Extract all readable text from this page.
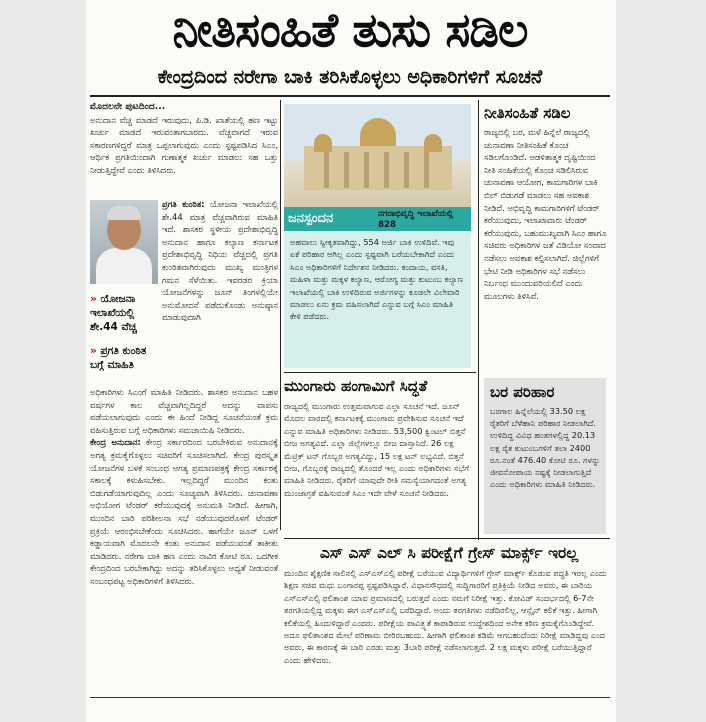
ನೀತಿಸಂಹಿತೆ ತುಸು ಸಡಿಲ
ಕೇಂದ್ರದಿಂದ ನರೇಗಾ ಬಾಕಿ ತರಿಸಿಕೊಳ್ಳಲು ಅಧಿಕಾರಿಗಳಿಗೆ ಸೂಚನೆ

ಮೊದಲನೇ ಪುಟದಿಂದ...

ಅನುದಾನ ವೆಚ್ಚ ಮಾಡದೆ ಇರುವುದು, ಪಿ.ಡಿ. ಖಾತೆಯಲ್ಲಿ ಹಣ ಇಟ್ಟು ಖರ್ಚು ಮಾಡದೆ ಇರುವಂತಾಗಬಾರದು. ವೆಚ್ಚವಾಗದೆ ಇರುವ ಸಕಾರಣಗಳಿದ್ದರೆ ಮಾತ್ರ ಒಪ್ಪಲಾಗುವುದು ಎಂದು ಸ್ಪಷ್ಟಪಡಿಸಿದ ಸಿಎಂ, ಆರ್ಥಿಕ ಪ್ರಗತಿಯಿಂದಾಗಿ ಗುಣಾತ್ಮಕ ಖರ್ಚು ಮಾಡಲು ಸಹ ಒತ್ತು ನೀಡುತ್ತಿದ್ದೇವೆ ಎಂದು ತಿಳಿಸಿದರು.

ಪ್ರಗತಿ ಕುಂಠಿತ: ಯೋಜನಾ ಇಲಾಖೆಯಲ್ಲಿ ಶೇ.44 ಮಾತ್ರ ವೆಚ್ಚವಾಗಿರುವ ಮಾಹಿತಿ ಇದೆ. ಶಾಸಕರ ಸ್ಥಳೀಯ ಪ್ರದೇಶಾಭಿವೃದ್ಧಿ ಅನುದಾನ ಹಾಗೂ ಕಲ್ಯಾಣ ಕರ್ನಾಟಕ ಪ್ರದೇಶಾಭಿವೃದ್ಧಿ ನಿಧಿಯ ವೆಚ್ಚದಲ್ಲಿ ಪ್ರಗತಿ ಕುಂಠಿತವಾಗಿರುವುದು ಮುಖ್ಯ ಮಂತ್ರಿಗಳ ಗಮನ ಸೆಳೆಯಿತು. ಇವರಡರ ಕ್ರಿಯಾ ಯೋಜನೆಗಳನ್ನು ಜೂನ್ ತಿಂಗಳಲ್ಲಿಯೇ ಅನುಮೋದನೆ ಪಡೆದುಕೊಂಡು ಅನುಷ್ಠಾನ ಮಾಡುವುದಾಗಿ

» ಯೋಜನಾ ಇಲಾಖೆಯಲ್ಲಿ ಶೇ.44 ವೆಚ್ಚ
» ಪ್ರಗತಿ ಕುಂಠಿತ ಬಗ್ಗೆ ಮಾಹಿತಿ

ಅಧಿಕಾರಿಗಳು ಸಿಎಂಗೆ ಮಾಹಿತಿ ನೀಡಿದರು. ಶಾಸಕರ ಅನುದಾನ ಬಹಳ ವರ್ಷಗಳ ಕಾಲ ವೆಚ್ಚವಾಗಿಲ್ಲದಿದ್ದರೆ ಅದನ್ನು ವಾಪಸು ಪಡೆಯಲಾಗುವುದು ಎಂದು ಈ ಹಿಂದೆ ನೀಡಿದ್ದ ಸೂಚನೆಯಂತೆ ಕ್ರಮ ವಹಿಸುತ್ತಿರುವ ಬಗ್ಗೆ ಅಧಿಕಾರಿಗಳು ಸಮಜಾಯಿಷಿ ನೀಡಿದರು.

ಕೇಂದ್ರ ಅನುದಾನ: ಕೇಂದ್ರ ಸರ್ಕಾರದಿಂದ ಬರಬೇಕಿರುವ ಅನುದಾನಕ್ಕೆ ಅಗತ್ಯ ಕ್ರಮಕೈಗೊಳ್ಳಲು ಸಚಿವರಿಗೆ ಸೂಚಿಸಲಾಗಿದೆ. ಕೇಂದ್ರ ಪುರಸ್ಕೃತ ಯೋಜನೆಗಳ ಬಳಕೆ ಸಂಬಂಧ ಅಗತ್ಯ ಪ್ರಮಾಣಪತ್ರಕ್ಕೆ ಕೇಂದ್ರ ಸರ್ಕಾರಕ್ಕೆ ಸಕಾಲಕ್ಕೆ ಕಳುಹಿಸಬೇಕು. ಇಲ್ಲದಿದ್ದರೆ ಮುಂದಿನ ಕಂತು ಬಿಡುಗಡೆಯಾಗುವುದಿಲ್ಲ ಎಂದು ಸೂಚ್ಯವಾಗಿ ತಿಳಿಸಿದರು. ಚುನಾವಣಾ ಅಭಿಯೋಗ ಟೆಂಡರ್ ಕರೆಯುವುದಕ್ಕೆ ಅನುಮತಿ ನೀಡಿದೆ. ಹೀಗಾಗಿ, ಮುಂದಿನ ಬಾರಿ ಪರಿಶೀಲನಾ ಸಭೆ ನಡೆಯುವುದರೊಳಗೆ ಟೆಂಡರ್ ಪ್ರಕ್ರಿಯೆ ಆರಂಭಿಸಬೇಕೆಂದು ಸೂಚಿಸಿದರು. ಹಾಗೆಯೇ ಜೂನ್ ಒಳಗೆ ಕಡ್ಡಾಯವಾಗಿ ಮೊದಲನೇ ಕಂತು ಅನುದಾನ ಪಡೆಯುವಂತೆ ತಾಕೀತು ಮಾಡಿದರು. ನರೇಗಾ ಬಾಕಿ ಹಣ ಎಂದು ನಾವಿರ ಕೋಟಿ ರೂ. ಒದಗೀಕ ಕೇಂದ್ರದಿಂದ ಬರಬೇಕಾಗಿದ್ದು ಅದನ್ನು ತರಿಸಿಕೊಳ್ಳಲು ಅಧ್ಯತೆ ನೀಡುವಂತೆ ಸಂಬಂಧಪಟ್ಟ ಅಧಿಕಾರಿಗಳಿಗೆ ತಿಳಿಸಿದರು.

ಜನಸ್ಪಂದನ	ನಗರಾಭಿವೃದ್ಧಿ ಇಲಾಖೆಯಲ್ಲಿ 828
ಅಹವಾಲು ಸ್ವೀಕೃತವಾಗಿದ್ದು, 554 ಅರ್ಜಿ ಬಾಕಿ ಉಳಿದಿವೆ. ಇವು ಏಕೆ ಪರಿಹಾರ ಆಗಿಲ್ಲ ಎಂದು ಸ್ಪಷ್ಟವಾಗಿ ಬರೆಯಬೇಕಾಗಿದೆ ಎಂದು ಸಿಎಂ ಅಧಿಕಾರಿಗಳಿಗೆ ನಿರ್ದೇಶನ ನೀಡಿದರು. ಕಂದಾಯ, ವಸತಿ, ಮಹಿಳಾ ಮತ್ತು ಮಕ್ಕಳ ಕಲ್ಯಾಣ, ಆರೋಗ್ಯ ಮತ್ತು ಕುಟುಂಬ ಕಲ್ಯಾಣ ಇಲಾಖೆಯಲ್ಲಿ ಬಾಕಿ ಉಳಿದಿರುವ ಅರ್ಜಿಗಳನ್ನು ಕೂಡಲೇ ವಿಲೇವಾರಿ ಮಾಡಲು ಏನು ಕ್ರಮ ವಹಿಸಲಾಗಿದೆ ಎನ್ನುವ ಬಗ್ಗೆ ಸಿಎಂ ಮಾಹಿತಿ ಕೇಳಿ ಪಡೆದರು.
ನೀತಿಸಂಹಿತೆ ಸಡಿಲ
ರಾಜ್ಯದಲ್ಲಿ ಬರ, ಮಳೆ ಹಿನ್ನೆಲೆ ರಾಜ್ಯದಲ್ಲಿ ಚುನಾವಣಾ ನೀತಿಸಂಹಿತೆ ಕೊಂಚ ಸಡಿಲಗೊಂಡಿದೆ. ಆಡಳಿತಾತ್ಮಕ ದೃಷ್ಟಿಯಿಂದ ನೀತಿ ಸಂಹಿತೆಯಲ್ಲಿ ಕೊಂಚ ಸಡಿಲಿಸಿರುವ ಚುನಾವಣಾ ಆಯೋಗ, ಕಾಮಗಾರಿಗಳ ಬಾಕಿ ಬಿಲ್ ಬಿಡುಗಡೆ ಮಾಡಲು ಸಹ ಅವಕಾಶ ನೀಡಿದೆ. ಅಭಿವೃದ್ಧಿ ಕಾಮಗಾರಿಗಳಿಗೆ ಟೆಂಡರ್ ಕರೆಯುವುದು, ಇಲಾಖಾವಾರು ಟೆಂಡರ್ ಕರೆಯುವುದು, ಬಹುಮುಖ್ಯವಾಗಿ ಸಿಎಂ ಹಾಗೂ ಸಚಿವರು ಅಧಿಕಾರಿಗಳ ಜತೆ ವಿಡಿಯೋ ಸಂವಾದ ನಡೆಸಲು ಅವಕಾಶ ಕಲ್ಪಿಸಲಾಗಿದೆ. ಜಿಲ್ಲೆಗಳಿಗೆ ಭೇಟಿ ನೀಡಿ ಅಧಿಕಾರಿಗಳ ಸಭೆ ನಡೆಸಲು ನಿರ್ಬಂಧ ಮುಂದುವರಿಯಲಿದೆ ಎಂದು ಮೂಲಗಳು ತಿಳಿಸಿವೆ.
ಮುಂಗಾರು ಹಂಗಾಮಿಗೆ ಸಿದ್ಧತೆ
ರಾಜ್ಯದಲ್ಲಿ ಮುಂಗಾರು ಉತ್ತಮವಾಗುವ ಎಲ್ಲಾ ಸೂಚನೆ ಇದೆ. ಜೂನ್ ಮೊದಲ ವಾರದಲ್ಲಿ ಕರ್ನಾಟಕಕ್ಕೆ ಮುಂಗಾರು ಪ್ರವೇಶಿಸುವ ಸೂಚನೆ ಇದೆ ಎನ್ನುವ ಮಾಹಿತಿ ಅಧಿಕಾರಿಗಳು ನೀಡಿದರು. 53,500 ಕ್ವಿಂಟಲ್ ಬಿತ್ತನೆ ಬೀಜ ಅಗತ್ಯವಿದೆ. ಎಲ್ಲಾ ಜಿಲ್ಲೆಗಳಲ್ಲೂ ಬೀಜ ದಾಸ್ತಾನಿದೆ. 26 ಲಕ್ಷ ಮೆಟ್ರಿಕ್ ಟನ್ ಗೊಬ್ಬರ ಅಗತ್ಯವಿದ್ದು, 15 ಲಕ್ಷ ಟನ್ ಲಭ್ಯವಿದೆ. ಬಿತ್ತನೆ ಬೀಜ, ಗೊಬ್ಬರಕ್ಕೆ ರಾಜ್ಯದಲ್ಲಿ ತೊಂದರೆ ಇಲ್ಲ ಎಂದು ಅಧಿಕಾರಿಗಳು ಸಭೆಗೆ ಮಾಹಿತಿ ನೀಡಿದರು. ರೈತರಿಗೆ ಯಾವುದೇ ರೀತಿ ಸಮಸ್ಯೆಯಾಗದಂತೆ ಅಗತ್ಯ ಮುಂಜಾಗ್ರತೆ ವಹಿಸುವಂತೆ ಸಿಎಂ ಇದೇ ವೇಳೆ ಸೂಚನೆ ನೀಡಿದರು.
ಬರ ಪರಿಹಾರ
ಬರಗಾಲ ಹಿನ್ನೆಲೆಯಲ್ಲಿ 33.50 ಲಕ್ಷ ರೈತರಿಗೆ ಬೆಳೆಹಾನಿ ಪರಿಹಾರ ನೀಡಲಾಗಿದೆ. ಉಳಿದಿದ್ದ ವಿವಿಧ ಹಂತಗಳಲ್ಲಿದ್ದ 20.13 ಲಕ್ಷ ರೈತ ಕುಟುಂಬಗಳಿಗೆ ತಲಾ 2400 ರೂ.ನಂತೆ 476.40 ಕೋಟಿ ರೂ. ಗಳನ್ನು ಜೀವನೋಪಾಯ ನಷ್ಟಕ್ಕೆ ನೀಡಲಾಗುತ್ತಿದೆ ಎಂದು ಅಧಿಕಾರಿಗಳು ಮಾಹಿತಿ ನೀಡಿದರು.
ಎಸ್ ಎಸ್ ಎಲ್ ಸಿ ಪರೀಕ್ಷೆಗೆ ಗ್ರೇಸ್ ಮಾರ್ಕ್ಸ್ ಇರಲ್ಲ
ಮುಂದಿನ ಶೈಕ್ಷಣಿಕ ಸಾಲಿನಲ್ಲಿ ಎಸ್ಎಸ್ಎಲ್ಸಿ ಪರೀಕ್ಷೆ ಬರೆಯುವ ವಿದ್ಯಾರ್ಥಿಗಳಿಗೆ ಗ್ರೇಸ್ ಮಾರ್ಕ್ಸ್ ಕೊಡುವ ಪದ್ಧತಿ ಇರಲ್ಲ ಎಂದು ಶಿಕ್ಷಣ ಸಚಿವ ಮಧು ಬಂಗಾರಪ್ಪ ಸ್ಪಷ್ಟಪಡಿಸಿದ್ದಾರೆ. ವಿಧಾನಸೌಧದಲ್ಲಿ ಸುದ್ದಿಗಾರರಿಗೆ ಪ್ರತಿಕ್ರಿಯೆ ನೀಡಿದ ಅವರು, ಈ ಬಾರಿಯ ಎಸ್ಎಸ್ಎಲ್ಸಿ ಫಲಿತಾಂಶ ಯಾವ ಪ್ರಮಾಣದಲ್ಲಿ ಬರುತ್ತದೆ ಎಂದು ನಮಗೆ ನಿರೀಕ್ಷೆ ಇತ್ತು. ಕೋವಿಡ್ ಸಂದರ್ಭದಲ್ಲಿ 6-7ನೇ ತರಗತಿಯಲ್ಲಿದ್ದ ಮಕ್ಕಳು ಈಗ ಎಸ್ಎಸ್ಎಲ್ಸಿ ಬರೆದಿದ್ದಾರೆ. ಅಂದು ತರಗತಿಗಳು ನಡೆದಿರಲಿಲ್ಲ, ಆನ್ಲೈನ್ ಕಲಿಕೆ ಇತ್ತು. ಹೀಗಾಗಿ ಕಲಿಕೆಯಲ್ಲಿ ಹಿಂದುಳಿದ್ದಾರೆ ಎಂದರು. ಪರೀಕ್ಷೆಯ ಪಾವಿತ್ರ್ಯತೆ ಕಾಪಾಡಿರುವ ಉದ್ದೇಶದಿಂದ ಅನೇಕ ಕಠಿಣ ಕ್ರಮಕೈಗೊಂಡಿದ್ದೇವೆ. ಅದೂ ಫಲಿತಾಂಶದ ಮೇಲೆ ಪರಿಣಾಮ ಬೀರಿರಬಹುದು. ಹೀಗಾಗಿ ಫಲಿತಾಂಶ ಕಡಿಮೆ ಆಗಬಹುದೆಂದು ನಿರೀಕ್ಷೆ ಮಾಡಿದ್ದವು ಎಂದ ಅವರು, ಈ ಕಾರಣಕ್ಕೆ ಈ ಬಾರಿ ಎರಡು ಮತ್ತು 3ಬಾರಿ ಪರೀಕ್ಷೆ ನಡೆಸಲಾಗುತ್ತದೆ. 2 ಲಕ್ಷ ಮಕ್ಕಳು ಪರೀಕ್ಷೆ ಬರೆಯುತ್ತಿದ್ದಾರೆ ಎಂದು ಹೇಳಿದರು.
